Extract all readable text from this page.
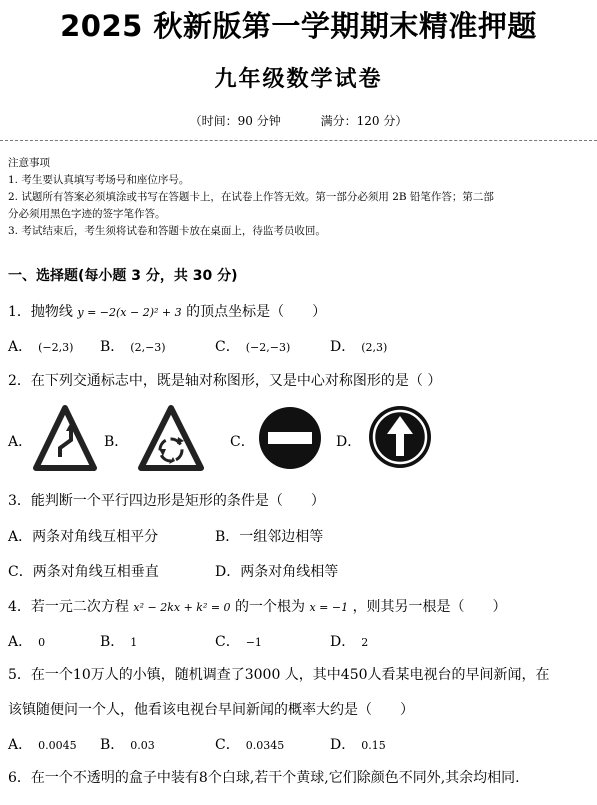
2025 秋新版第一学期期末精准押题
九年级数学试卷
（时间：90 分钟	满分：120 分）
注意事项
1. 考生要认真填写考场号和座位序号。
2. 试题所有答案必须填涂或书写在答题卡上，在试卷上作答无效。第一部分必须用 2B 铅笔作答；第二部
分必须用黑色字迹的签字笔作答。
3. 考试结束后，考生须将试卷和答题卡放在桌面上，待监考员收回。
一、选择题(每小题 3 分，共 30 分)
1．抛物线 y = −2(x − 2)² + 3 的顶点坐标是（　　）
A． (−2,3) B． (2,−3)	C． (−2,−3)	D． (2,3)
2．在下列交通标志中，既是轴对称图形，又是中心对称图形的是（ ）
A．	B．	C．	D．
3．能判断一个平行四边形是矩形的条件是（　　）
A．两条对角线互相平分	B．一组邻边相等
C．两条对角线互相垂直	D．两条对角线相等
4．若一元二次方程 x² − 2kx + k² = 0 的一个根为 x = −1 ，则其另一根是（　　）
A． 0	B． 1	C． −1	D． 2
5．在一个10万人的小镇，随机调查了3000 人，其中450人看某电视台的早间新闻，在
该镇随便问一个人，他看该电视台早间新闻的概率大约是（　　）
A． 0.0045 B． 0.03	C． 0.0345	D． 0.15
6．在一个不透明的盒子中装有8个白球,若干个黄球,它们除颜色不同外,其余均相同.
